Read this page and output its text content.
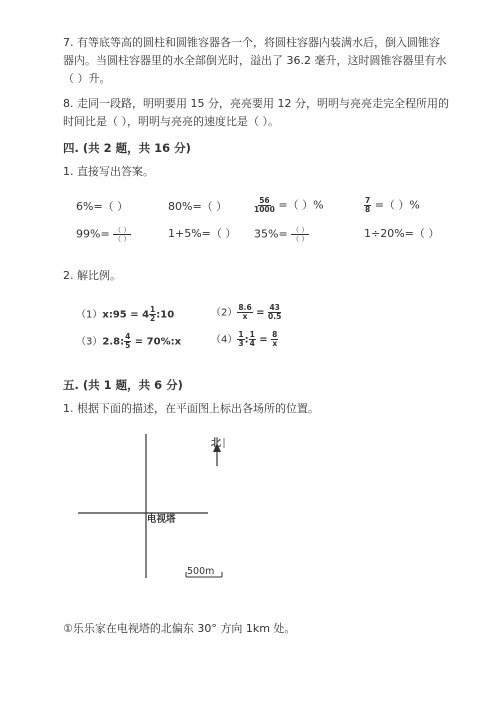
7. 有等底等高的圆柱和圆锥容器各一个，将圆柱容器内装满水后，倒入圆锥容
器内。当圆柱容器里的水全部倒光时，溢出了 36.2 毫升，这时圆锥容器里有水
（ ）升。
8. 走同一段路，明明要用 15 分，亮亮要用 12 分，明明与亮亮走完全程所用的
时间比是（ ），明明与亮亮的速度比是（ ）。
四. (共 2 题，共 16 分)
1. 直接写出答案。
6%=（ ）	80%=（ ）	$\frac{56}{1000}$ =（ ）%	$\frac{7}{8}$ =（ ）%
$99\%= \frac{( )}{( )}$	1+5%=（ ） $35\%= \frac{( )}{( )}$	1÷20%=（ ）
2. 解比例。
（1）x:95 = $4 \frac{1}{2}$ :10	$(2) \frac{8.6}{x} = \frac{43}{0.5}$
（3）2.8: $\frac{4}{5}$ = 70%:x	$(4) \frac{1}{3}$ : $\frac{1}{4} = \frac{8}{x}$
五. (共 1 题，共 6 分)
1. 根据下面的描述，在平面图上标出各场所的位置。
北
电视塔
500m
①乐乐家在电视塔的北偏东 30° 方向 1km 处。
